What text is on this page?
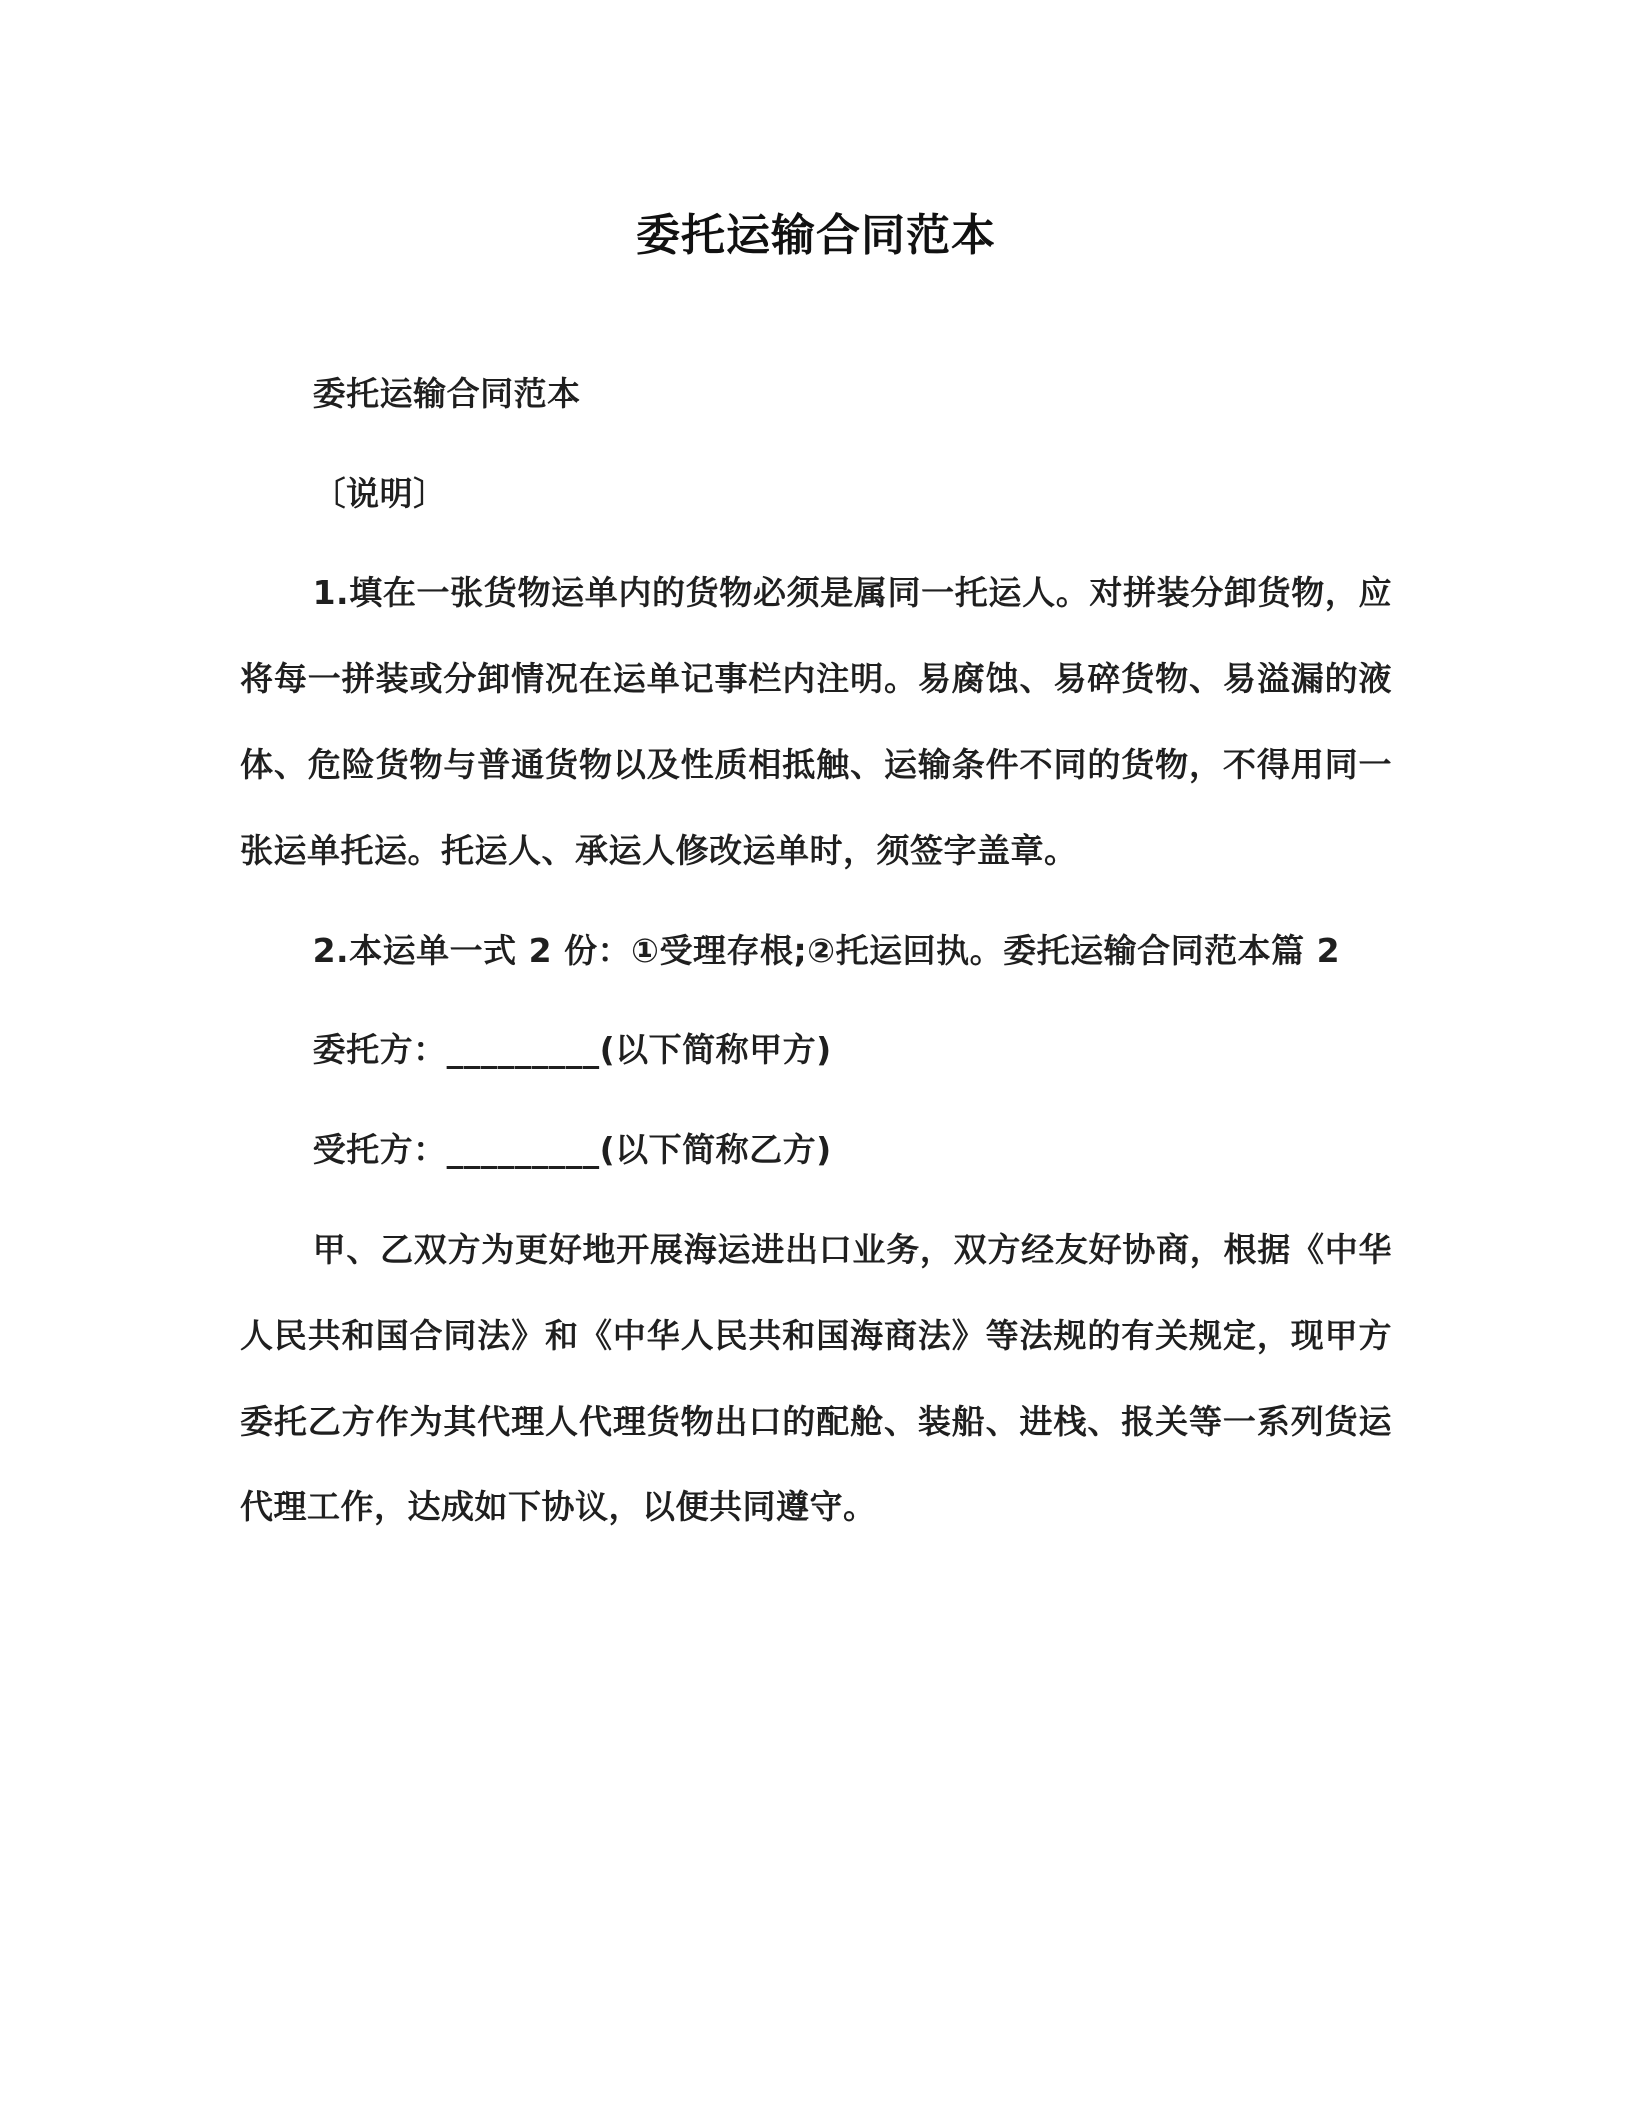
委托运输合同范本

委托运输合同范本

〔说明〕

1.填在一张货物运单内的货物必须是属同一托运人。对拼装分卸货物，应将每一拼装或分卸情况在运单记事栏内注明。易腐蚀、易碎货物、易溢漏的液体、危险货物与普通货物以及性质相抵触、运输条件不同的货物，不得用同一张运单托运。托运人、承运人修改运单时，须签字盖章。

2.本运单一式 2 份：①受理存根;②托运回执。委托运输合同范本篇 2

委托方：_________(以下简称甲方)

受托方：_________(以下简称乙方)

甲、乙双方为更好地开展海运进出口业务，双方经友好协商，根据《中华人民共和国合同法》和《中华人民共和国海商法》等法规的有关规定，现甲方委托乙方作为其代理人代理货物出口的配舱、装船、进栈、报关等一系列货运代理工作，达成如下协议，以便共同遵守。
